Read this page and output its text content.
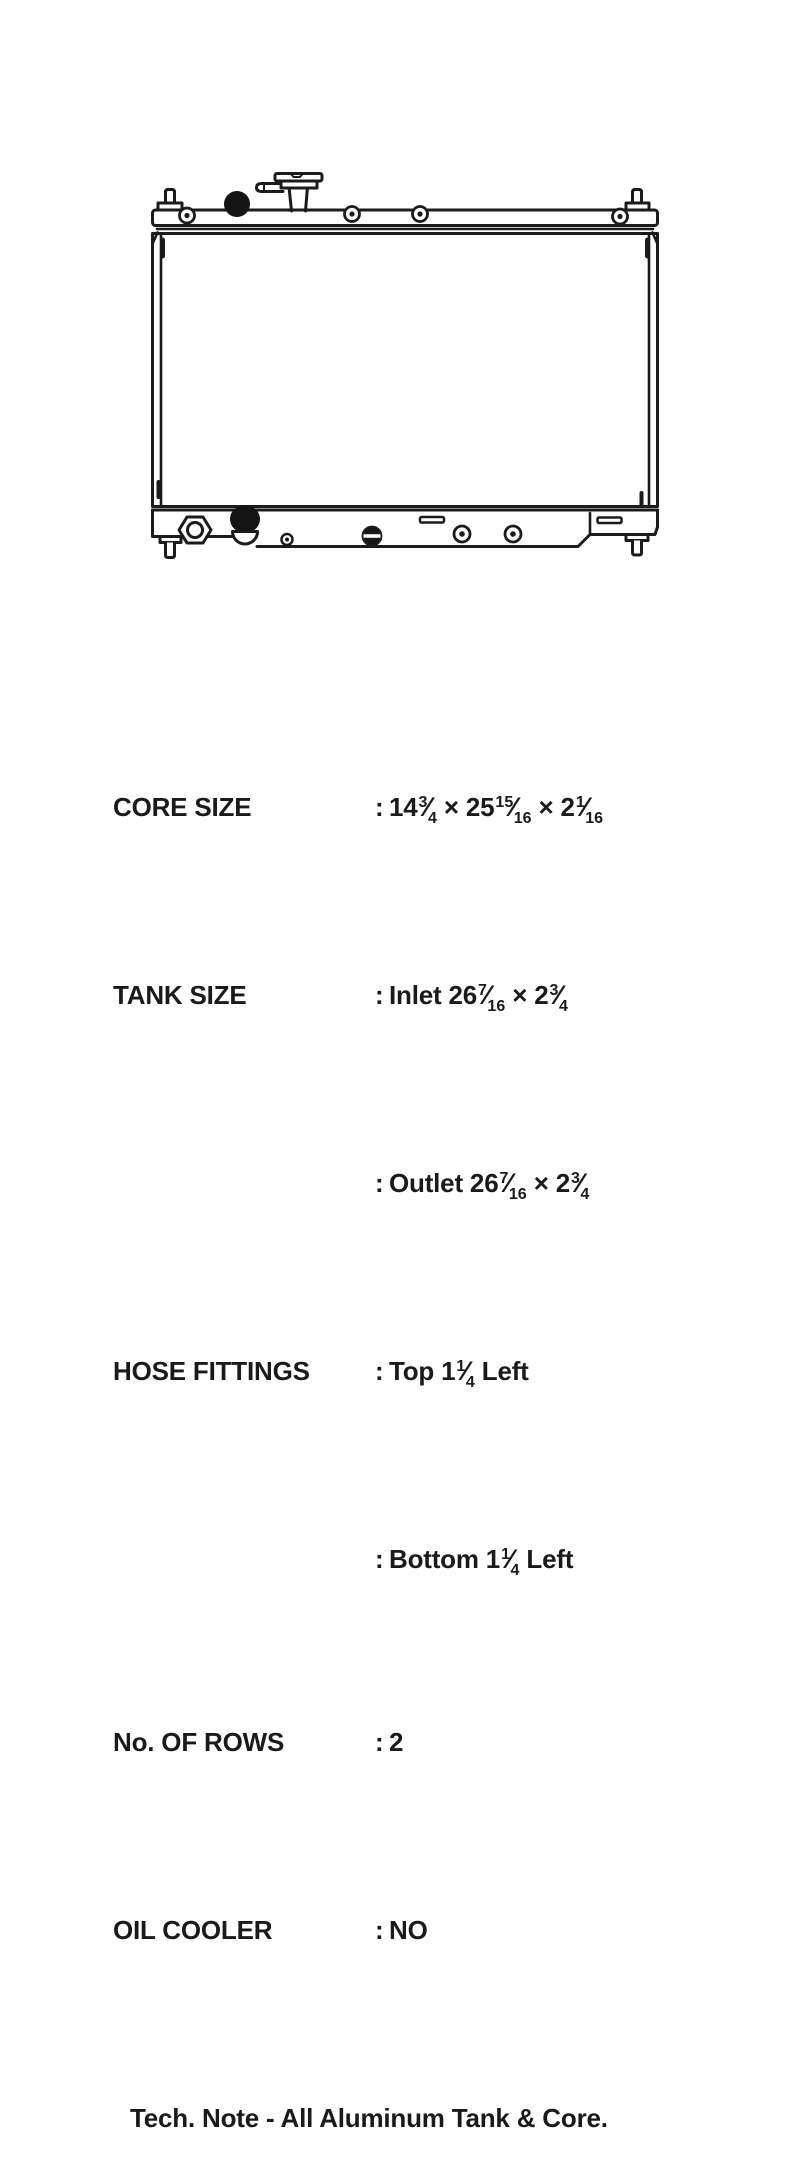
CORE SIZE	: $14^3⁄_4$ × $25^{15}⁄_{16}$ × $2^1⁄_{16}$

TANK SIZE	: Inlet $26^7⁄_{16}$ × $2^3⁄_4$

: Outlet $26^7⁄_{16}$ × $2^3⁄_4$

HOSE FITTINGS	: Top $1^1⁄_4$ Left

: Bottom $1^1⁄_4$ Left

No. OF ROWS	: 2

OIL COOLER	: NO

Tech. Note - All Aluminum Tank & Core.
